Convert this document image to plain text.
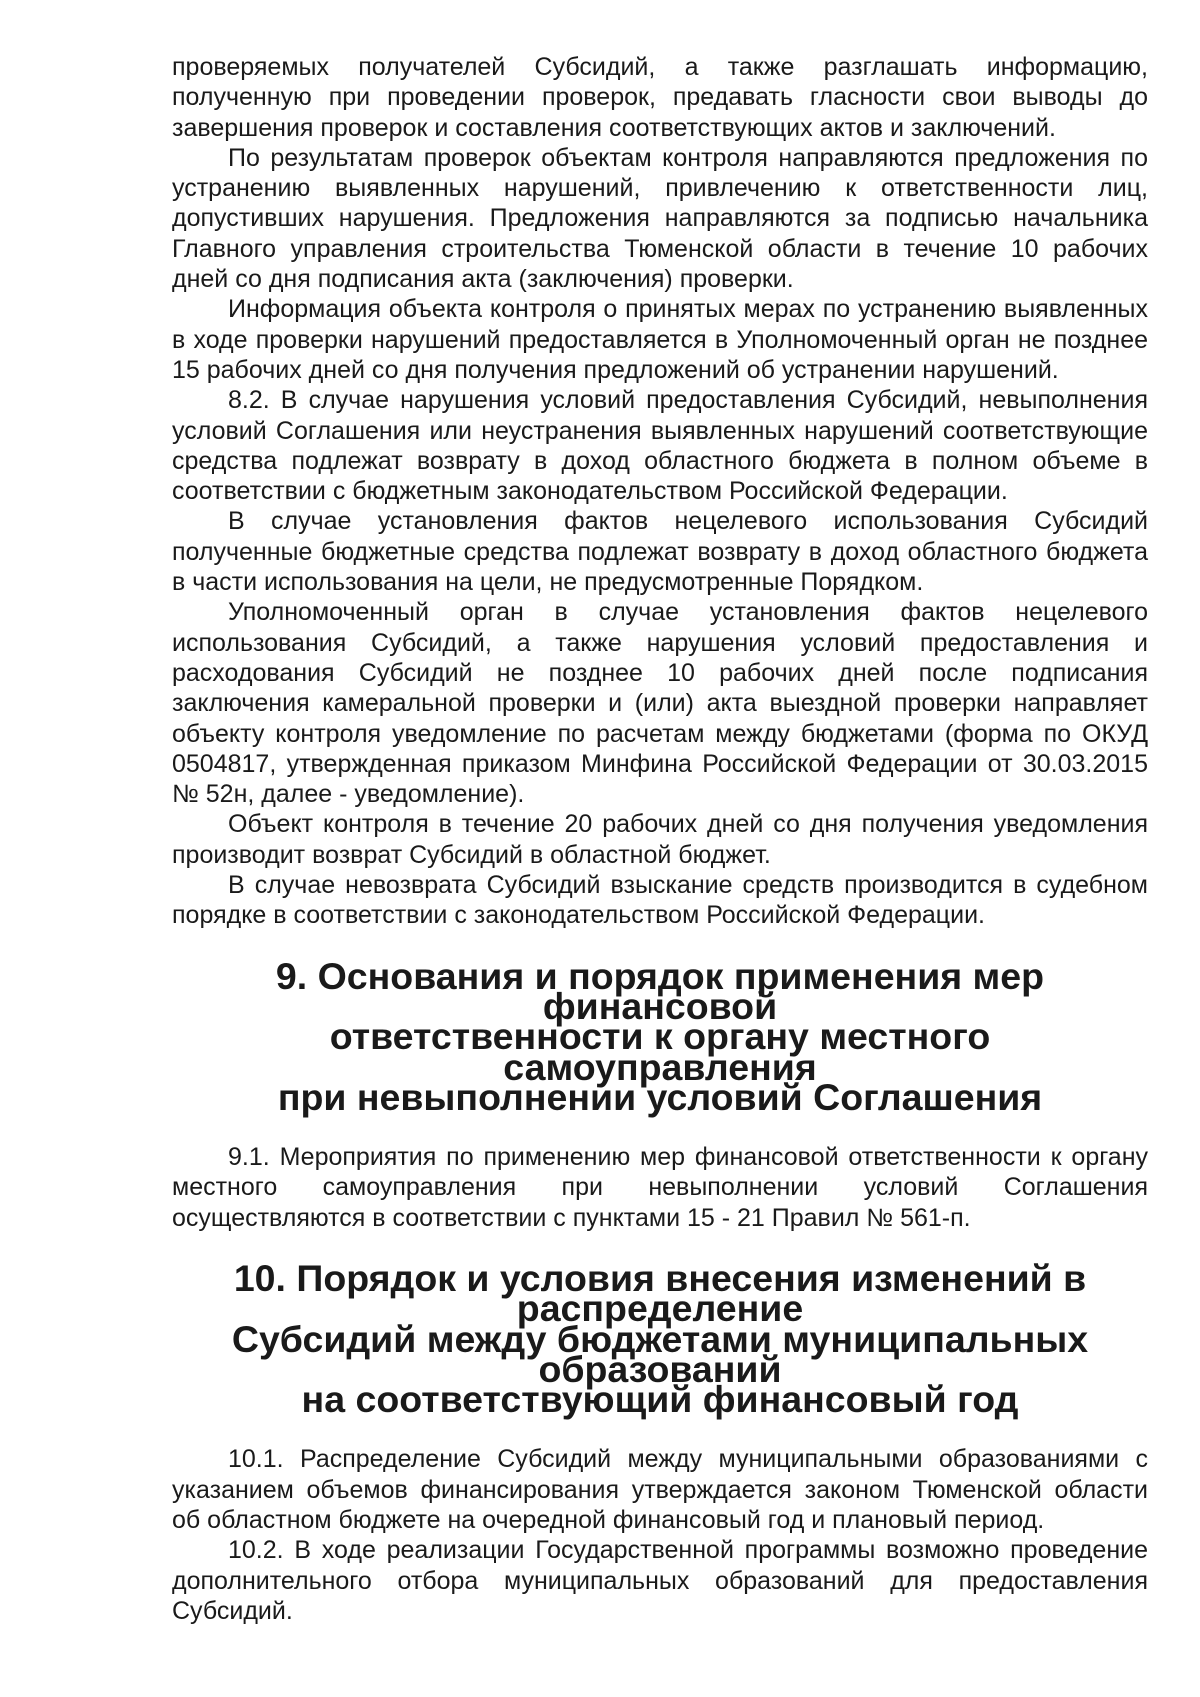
проверяемых получателей Субсидий, а также разглашать информацию, полученную при проведении проверок, предавать гласности свои выводы до завершения проверок и составления соответствующих актов и заключений.

По результатам проверок объектам контроля направляются предложения по устранению выявленных нарушений, привлечению к ответственности лиц, допустивших нарушения. Предложения направляются за подписью начальника Главного управления строительства Тюменской области в течение 10 рабочих дней со дня подписания акта (заключения) проверки.

Информация объекта контроля о принятых мерах по устранению выявленных в ходе проверки нарушений предоставляется в Уполномоченный орган не позднее 15 рабочих дней со дня получения предложений об устранении нарушений.

8.2. В случае нарушения условий предоставления Субсидий, невыполнения условий Соглашения или неустранения выявленных нарушений соответствующие средства подлежат возврату в доход областного бюджета в полном объеме в соответствии с бюджетным законодательством Российской Федерации.

В случае установления фактов нецелевого использования Субсидий полученные бюджетные средства подлежат возврату в доход областного бюджета в части использования на цели, не предусмотренные Порядком.

Уполномоченный орган в случае установления фактов нецелевого использования Субсидий, а также нарушения условий предоставления и расходования Субсидий не позднее 10 рабочих дней после подписания заключения камеральной проверки и (или) акта выездной проверки направляет объекту контроля уведомление по расчетам между бюджетами (форма по ОКУД 0504817, утвержденная приказом Минфина Российской Федерации от 30.03.2015 № 52н, далее - уведомление).

Объект контроля в течение 20 рабочих дней со дня получения уведомления производит возврат Субсидий в областной бюджет.

В случае невозврата Субсидий взыскание средств производится в судебном порядке в соответствии с законодательством Российской Федерации.

9. Основания и порядок применения мер финансовой
ответственности к органу местного самоуправления
при невыполнении условий Соглашения

9.1. Мероприятия по применению мер финансовой ответственности к органу местного самоуправления при невыполнении условий Соглашения осуществляются в соответствии с пунктами 15 - 21 Правил № 561-п.

10. Порядок и условия внесения изменений в распределение
Субсидий между бюджетами муниципальных образований
на соответствующий финансовый год

10.1. Распределение Субсидий между муниципальными образованиями с указанием объемов финансирования утверждается законом Тюменской области об областном бюджете на очередной финансовый год и плановый период.

10.2. В ходе реализации Государственной программы возможно проведение дополнительного отбора муниципальных образований для предоставления Субсидий.
